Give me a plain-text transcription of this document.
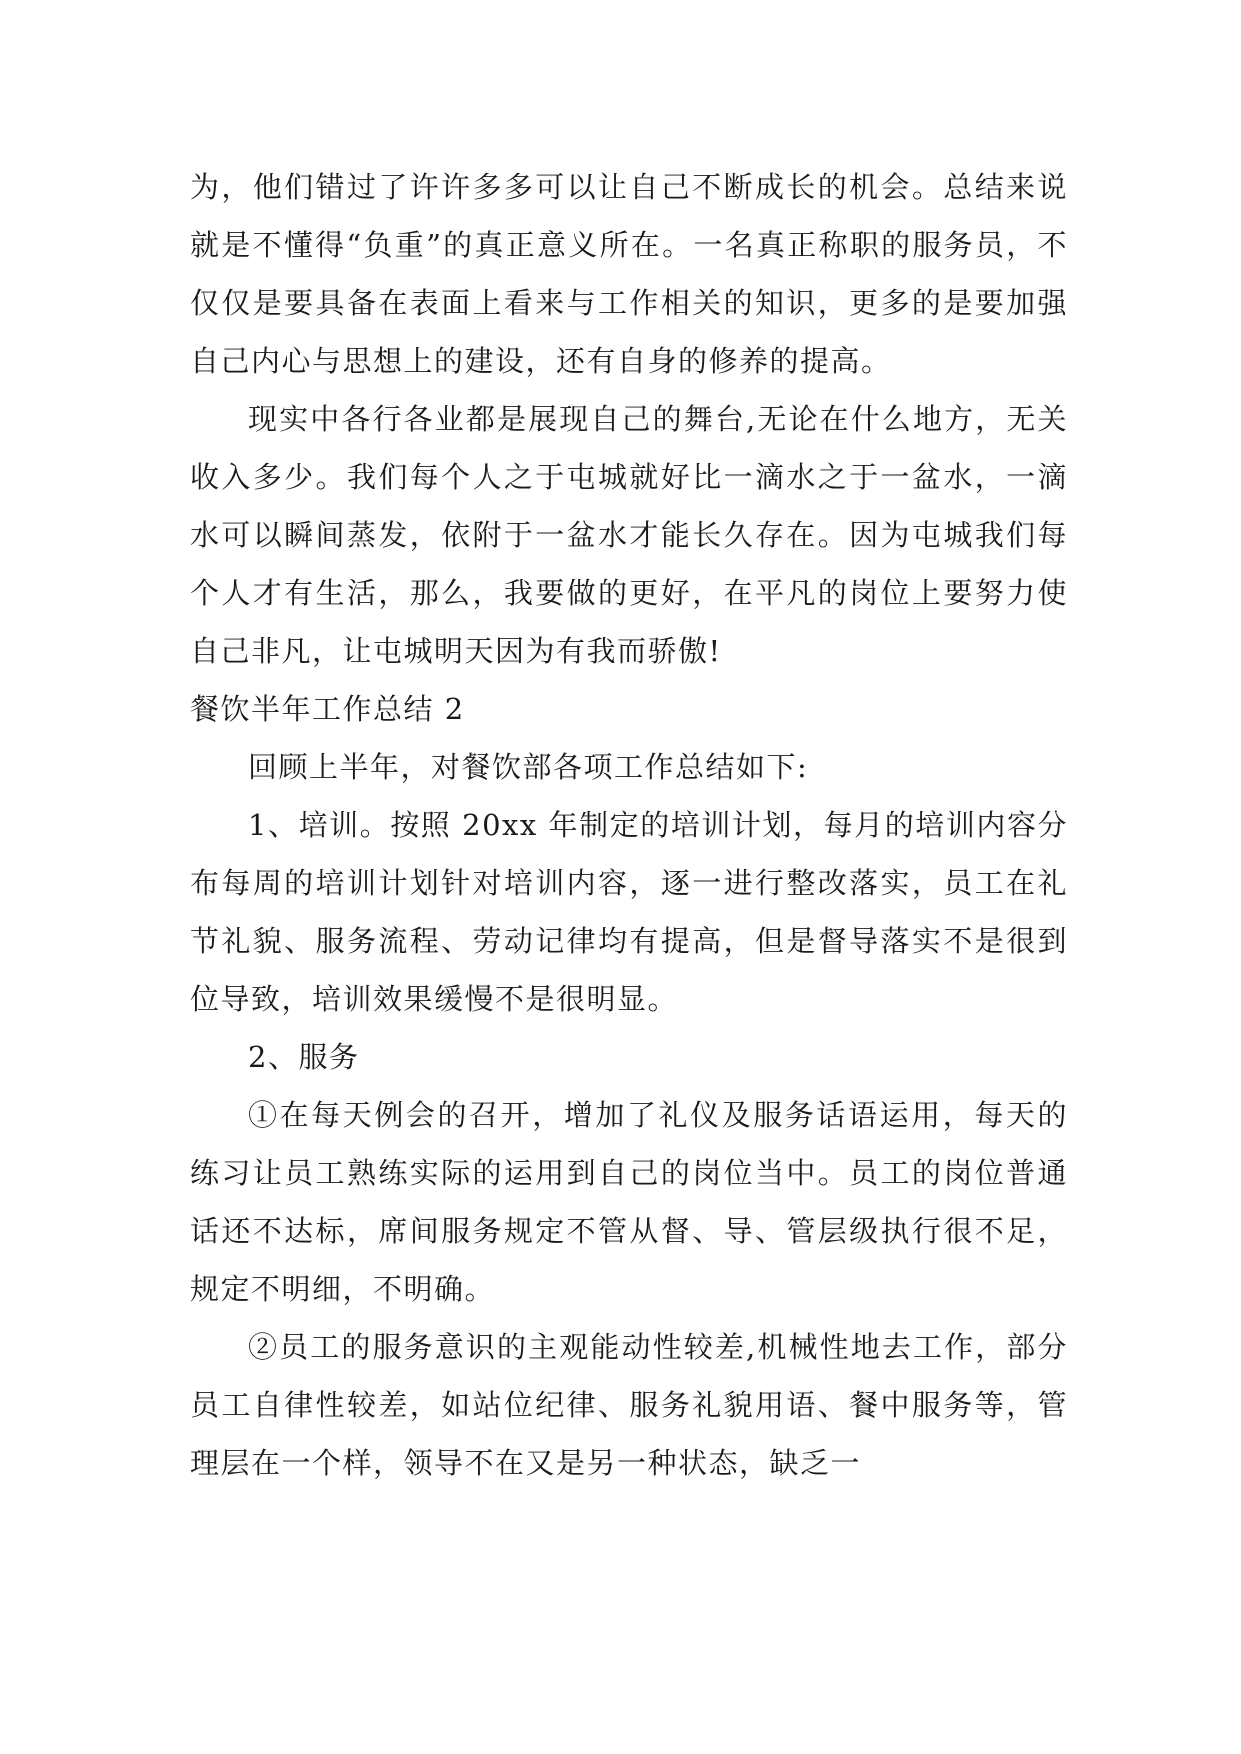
为，他们错过了许许多多可以让自己不断成长的机会。总结来说就是不懂得“负重”的真正意义所在。一名真正称职的服务员，不仅仅是要具备在表面上看来与工作相关的知识，更多的是要加强自己内心与思想上的建设，还有自身的修养的提高。

现实中各行各业都是展现自己的舞台,无论在什么地方，无关收入多少。我们每个人之于屯城就好比一滴水之于一盆水，一滴水可以瞬间蒸发，依附于一盆水才能长久存在。因为屯城我们每个人才有生活，那么，我要做的更好，在平凡的岗位上要努力使自己非凡，让屯城明天因为有我而骄傲!

餐饮半年工作总结 2

回顾上半年，对餐饮部各项工作总结如下:

1、培训。按照 20xx 年制定的培训计划，每月的培训内容分布每周的培训计划针对培训内容，逐一进行整改落实，员工在礼节礼貌、服务流程、劳动记律均有提高，但是督导落实不是很到位导致，培训效果缓慢不是很明显。

2、服务

①在每天例会的召开，增加了礼仪及服务话语运用，每天的练习让员工熟练实际的运用到自己的岗位当中。员工的岗位普通话还不达标，席间服务规定不管从督、导、管层级执行很不足，规定不明细，不明确。

②员工的服务意识的主观能动性较差,机械性地去工作，部分员工自律性较差，如站位纪律、服务礼貌用语、餐中服务等，管理层在一个样，领导不在又是另一种状态，缺乏一
